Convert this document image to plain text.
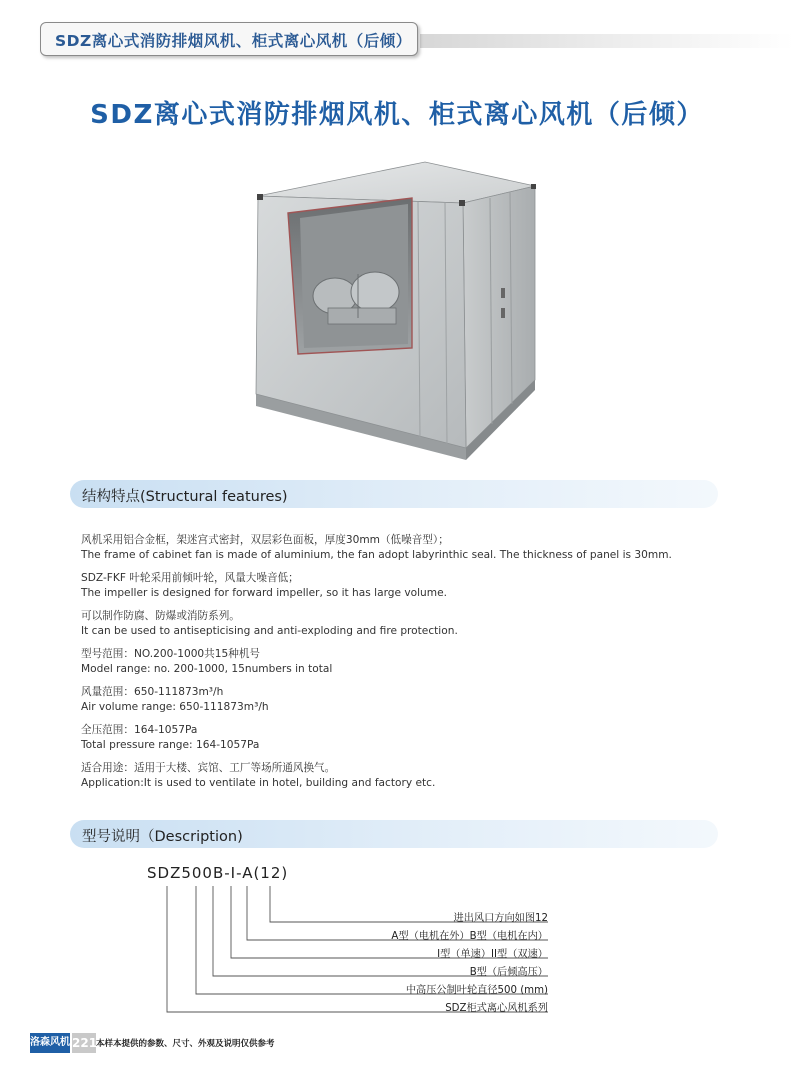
SDZ离心式消防排烟风机、柜式离心风机（后倾）
SDZ离心式消防排烟风机、柜式离心风机（后倾）
结构特点(Structural features)
风机采用铝合金框，架迷宫式密封，双层彩色面板，厚度30mm（低噪音型）；
The frame of cabinet fan is made of aluminium, the fan adopt labyrinthic seal. The thickness of panel is 30mm.
SDZ-FKF 叶轮采用前倾叶轮，风量大噪音低；
The impeller is designed for forward impeller, so it has large volume.
可以制作防腐、防爆或消防系列。
It can be used to antisepticising and anti-exploding and fire protection.
型号范围：NO.200-1000共15种机号
Model range: no. 200-1000, 15numbers in total
风量范围：650-111873m³/h
Air volume range: 650-111873m³/h
全压范围：164-1057Pa
Total pressure range: 164-1057Pa
适合用途：适用于大楼、宾馆、工厂等场所通风换气。
Application:It is used to ventilate in hotel, building and factory etc.
型号说明（Description)
SDZ500B-I-A(12)
进出风口方向如图12
A型（电机在外）B型（电机在内）
I型（单速）II型（双速）
B型（后倾高压）
中高压公制叶轮直径500 (mm)
SDZ柜式离心风机系列
洛森风机 221
本样本提供的参数、尺寸、外观及说明仅供参考
